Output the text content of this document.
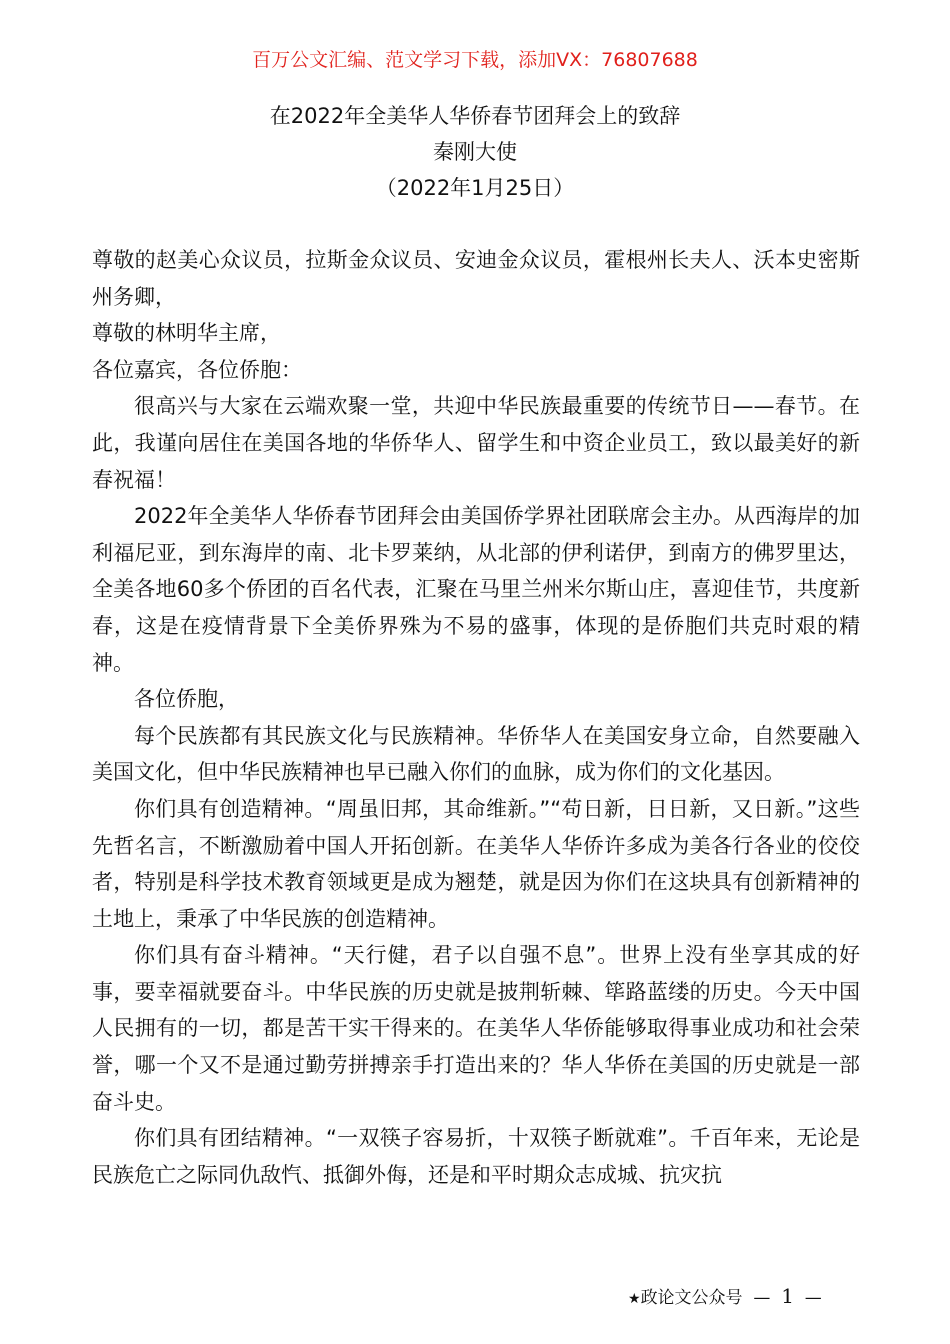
百万公文汇编、范文学习下载，添加VX：76807688
在2022年全美华人华侨春节团拜会上的致辞
秦刚大使
（2022年1月25日）

尊敬的赵美心众议员，拉斯金众议员、安迪金众议员，霍根州长夫人、沃本史密斯州务卿，

尊敬的林明华主席，

各位嘉宾，各位侨胞：

很高兴与大家在云端欢聚一堂，共迎中华民族最重要的传统节日——春节。在此，我谨向居住在美国各地的华侨华人、留学生和中资企业员工，致以最美好的新春祝福！

2022年全美华人华侨春节团拜会由美国侨学界社团联席会主办。从西海岸的加利福尼亚，到东海岸的南、北卡罗莱纳，从北部的伊利诺伊，到南方的佛罗里达，全美各地60多个侨团的百名代表，汇聚在马里兰州米尔斯山庄，喜迎佳节，共度新春，这是在疫情背景下全美侨界殊为不易的盛事，体现的是侨胞们共克时艰的精神。

各位侨胞，

每个民族都有其民族文化与民族精神。华侨华人在美国安身立命，自然要融入美国文化，但中华民族精神也早已融入你们的血脉，成为你们的文化基因。

你们具有创造精神。“周虽旧邦，其命维新。”“苟日新，日日新，又日新。”这些先哲名言，不断激励着中国人开拓创新。在美华人华侨许多成为美各行各业的佼佼者，特别是科学技术教育领域更是成为翘楚，就是因为你们在这块具有创新精神的土地上，秉承了中华民族的创造精神。

你们具有奋斗精神。“天行健，君子以自强不息”。世界上没有坐享其成的好事，要幸福就要奋斗。中华民族的历史就是披荆斩棘、筚路蓝缕的历史。今天中国人民拥有的一切，都是苦干实干得来的。在美华人华侨能够取得事业成功和社会荣誉，哪一个又不是通过勤劳拼搏亲手打造出来的？华人华侨在美国的历史就是一部奋斗史。

你们具有团结精神。“一双筷子容易折，十双筷子断就难”。千百年来，无论是民族危亡之际同仇敌忾、抵御外侮，还是和平时期众志成城、抗灾抗

★政论文公众号 — 1 —
